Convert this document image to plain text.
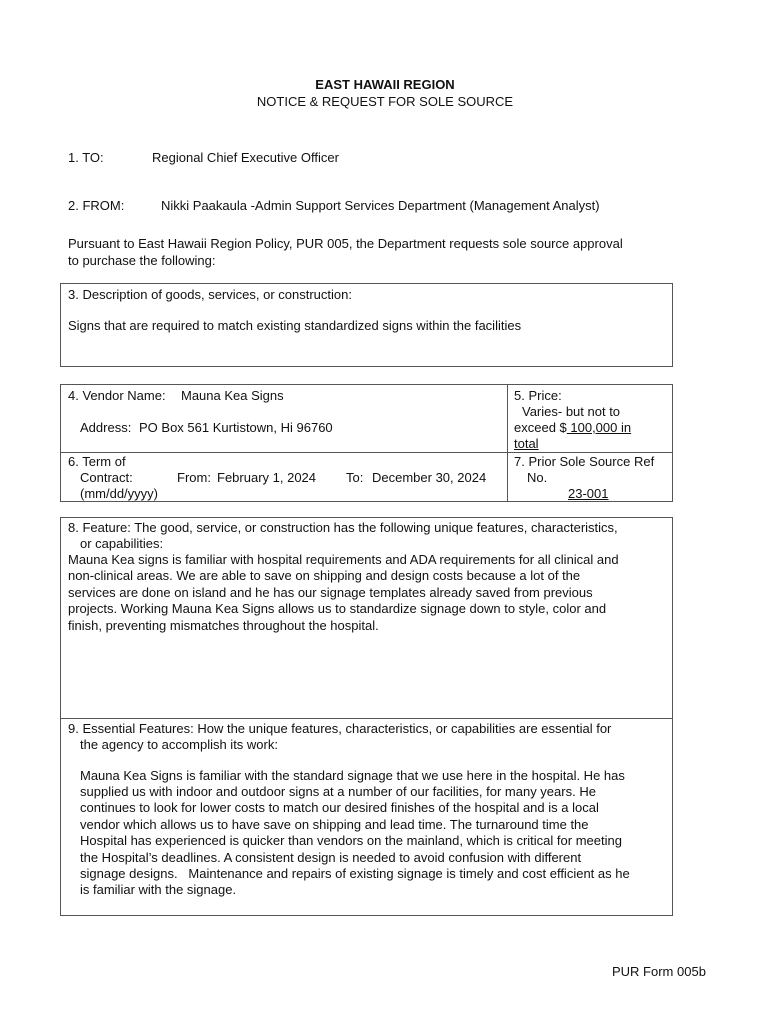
EAST HAWAII REGION
NOTICE & REQUEST FOR SOLE SOURCE
1. TO:	Regional Chief Executive Officer
2. FROM:	Nikki Paakaula -Admin Support Services Department (Management Analyst)
Pursuant to East Hawaii Region Policy, PUR 005, the Department requests sole source approval
to purchase the following:
3. Description of goods, services, or construction:
Signs that are required to match existing standardized signs within the facilities
4. Vendor Name: Mauna Kea Signs
Address: PO Box 561 Kurtistown, Hi 96760
5. Price:
Varies- but not to
exceed $ 100,000 in
total
6. Term of
Contract:
(mm/dd/yyyy)
From: February 1, 2024 To: December 30, 2024
7. Prior Sole Source Ref
No.
23-001
8. Feature: The good, service, or construction has the following unique features, characteristics,
or capabilities:
Mauna Kea signs is familiar with hospital requirements and ADA requirements for all clinical and
non-clinical areas. We are able to save on shipping and design costs because a lot of the
services are done on island and he has our signage templates already saved from previous
projects. Working Mauna Kea Signs allows us to standardize signage down to style, color and
finish, preventing mismatches throughout the hospital.
9. Essential Features: How the unique features, characteristics, or capabilities are essential for
the agency to accomplish its work:
Mauna Kea Signs is familiar with the standard signage that we use here in the hospital. He has
supplied us with indoor and outdoor signs at a number of our facilities, for many years. He
continues to look for lower costs to match our desired finishes of the hospital and is a local
vendor which allows us to have save on shipping and lead time. The turnaround time the
Hospital has experienced is quicker than vendors on the mainland, which is critical for meeting
the Hospital’s deadlines. A consistent design is needed to avoid confusion with different
signage designs.   Maintenance and repairs of existing signage is timely and cost efficient as he
is familiar with the signage.
PUR Form 005b
